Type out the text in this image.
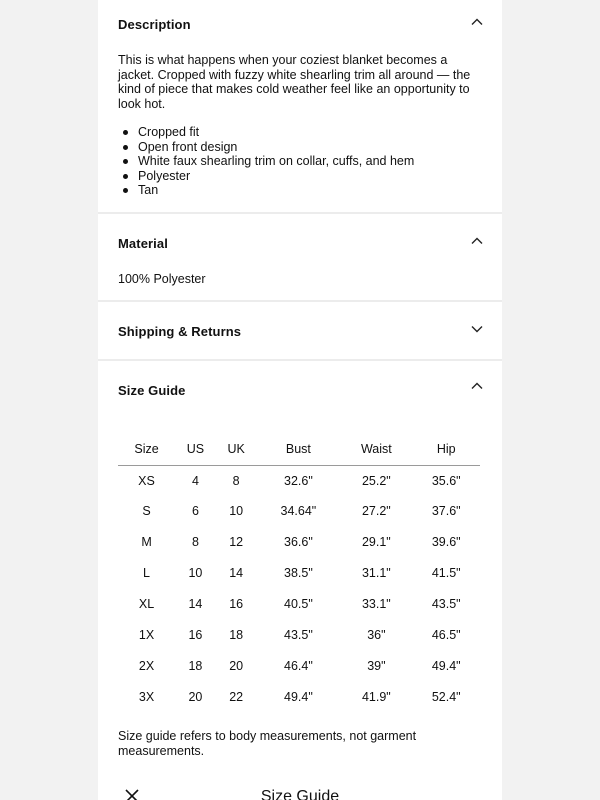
Description
This is what happens when your coziest blanket becomes a jacket. Cropped with fuzzy white shearling trim all around — the kind of piece that makes cold weather feel like an opportunity to look hot.
Cropped fit
Open front design
White faux shearling trim on collar, cuffs, and hem
Polyester
Tan
Material
100% Polyester
Shipping & Returns
Size Guide
Size	US	UK	Bust	Waist	Hip
XS	4	8	32.6"	25.2"	35.6"
S	6	10	34.64"	27.2"	37.6"
M	8	12	36.6"	29.1"	39.6"
L	10	14	38.5"	31.1"	41.5"
XL	14	16	40.5"	33.1"	43.5"
1X	16	18	43.5"	36"	46.5"
2X	18	20	46.4"	39"	49.4"
3X	20	22	49.4"	41.9"	52.4"
Size guide refers to body measurements, not garment measurements.
Size Guide
